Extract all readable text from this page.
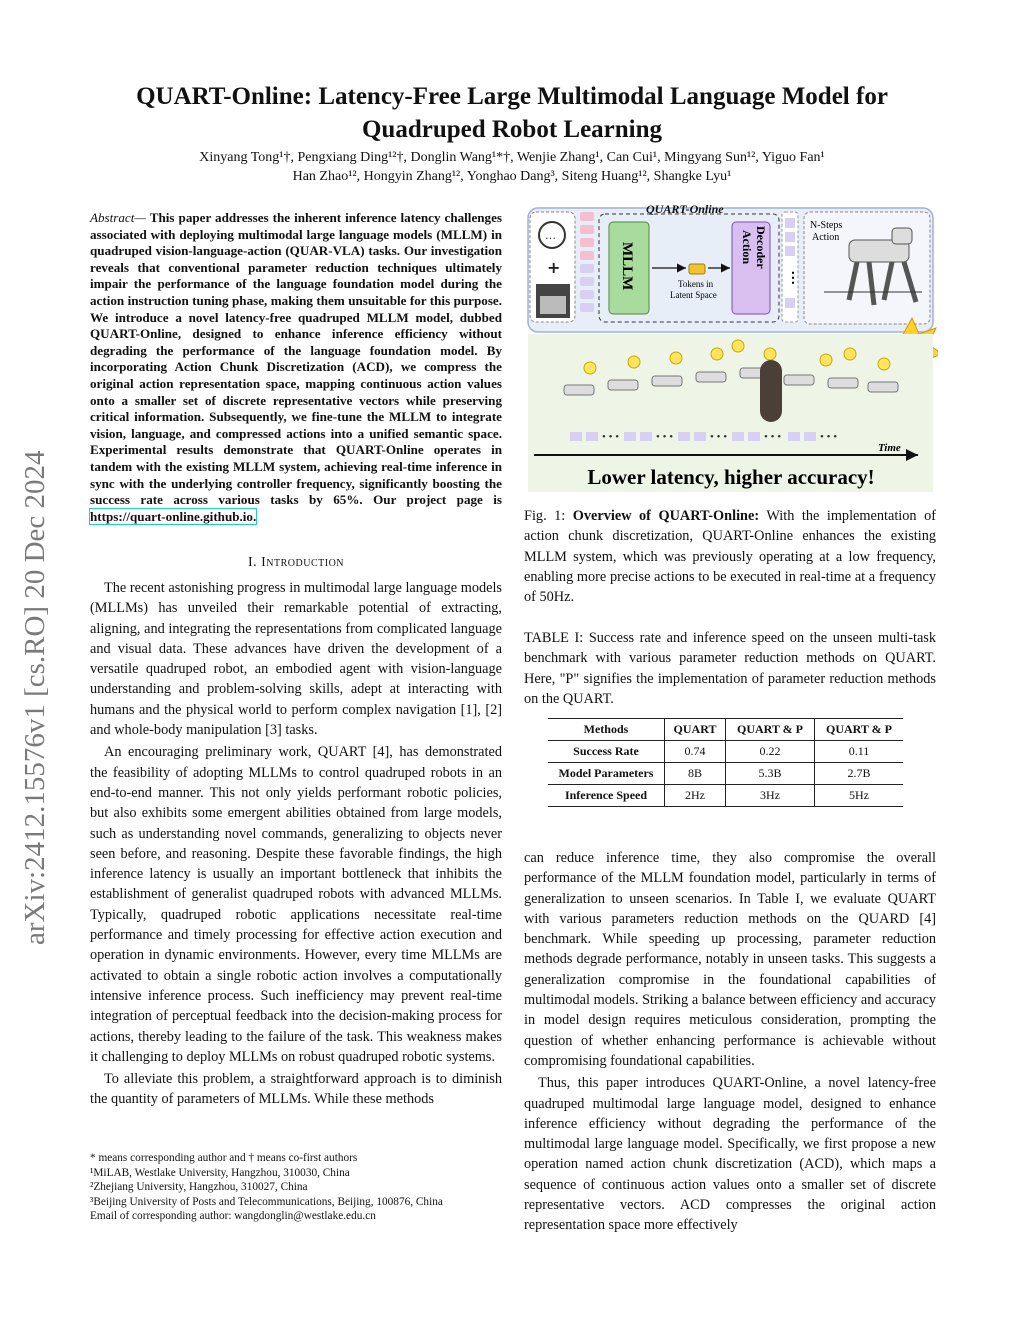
arXiv:2412.15576v1 [cs.RO] 20 Dec 2024
QUART-Online: Latency-Free Large Multimodal Language Model for
Quadruped Robot Learning
Xinyang Tong¹†, Pengxiang Ding¹²†, Donglin Wang¹*†, Wenjie Zhang¹, Can Cui¹, Mingyang Sun¹², Yiguo Fan¹
Han Zhao¹², Hongyin Zhang¹², Yonghao Dang³, Siteng Huang¹², Shangke Lyu¹
Abstract— This paper addresses the inherent inference latency challenges associated with deploying multimodal large language models (MLLM) in quadruped vision-language-action (QUAR-VLA) tasks. Our investigation reveals that conventional parameter reduction techniques ultimately impair the performance of the language foundation model during the action instruction tuning phase, making them unsuitable for this purpose. We introduce a novel latency-free quadruped MLLM model, dubbed QUART-Online, designed to enhance inference efficiency without degrading the performance of the language foundation model. By incorporating Action Chunk Discretization (ACD), we compress the original action representation space, mapping continuous action values onto a smaller set of discrete representative vectors while preserving critical information. Subsequently, we fine-tune the MLLM to integrate vision, language, and compressed actions into a unified semantic space. Experimental results demonstrate that QUART-Online operates in tandem with the existing MLLM system, achieving real-time inference in sync with the underlying controller frequency, significantly boosting the success rate across various tasks by 65%. Our project page is https://quart-online.github.io.
I. Introduction

The recent astonishing progress in multimodal large language models (MLLMs) has unveiled their remarkable potential of extracting, aligning, and integrating the representations from complicated language and visual data. These advances have driven the development of a versatile quadruped robot, an embodied agent with vision-language understanding and problem-solving skills, adept at interacting with humans and the physical world to perform complex navigation [1], [2] and whole-body manipulation [3] tasks.

An encouraging preliminary work, QUART [4], has demonstrated the feasibility of adopting MLLMs to control quadruped robots in an end-to-end manner. This not only yields performant robotic policies, but also exhibits some emergent abilities obtained from large models, such as understanding novel commands, generalizing to objects never seen before, and reasoning. Despite these favorable findings, the high inference latency is usually an important bottleneck that inhibits the establishment of generalist quadruped robots with advanced MLLMs. Typically, quadruped robotic applications necessitate real-time performance and timely processing for effective action execution and operation in dynamic environments. However, every time MLLMs are activated to obtain a single robotic action involves a computationally intensive inference process. Such inefficiency may prevent real-time integration of perceptual feedback into the decision-making process for actions, thereby leading to the failure of the task. This weakness makes it challenging to deploy MLLMs on robust quadruped robotic systems.

To alleviate this problem, a straightforward approach is to diminish the quantity of parameters of MLLMs. While these methods

* means corresponding author and † means co-first authors
¹MiLAB, Westlake University, Hangzhou, 310030, China
²Zhejiang University, Hangzhou, 310027, China
³Beijing University of Posts and Telecommunications, Beijing, 100876, China
Email of corresponding author: wangdonglin@westlake.edu.cn
…
+
QUART-Online
MLLM	Tokens in Latent Space
Action Decoder
⋮
N-Steps
Action
• • •	• • •	• • •	• • •	• • •
Time
Lower latency, higher accuracy!
Fig. 1: Overview of QUART-Online: With the implementation of action chunk discretization, QUART-Online enhances the existing MLLM system, which was previously operating at a low frequency, enabling more precise actions to be executed in real-time at a frequency of 50Hz.
TABLE I: Success rate and inference speed on the unseen multi-task benchmark with various parameter reduction methods on QUART. Here, "P" signifies the implementation of parameter reduction methods on the QUART.
Methods	QUART	QUART & P	QUART & P
Success Rate	0.74	0.22	0.11
Model Parameters	8B	5.3B	2.7B
Inference Speed	2Hz	3Hz	5Hz

can reduce inference time, they also compromise the overall performance of the MLLM foundation model, particularly in terms of generalization to unseen scenarios. In Table I, we evaluate QUART with various parameters reduction methods on the QUARD [4] benchmark. While speeding up processing, parameter reduction methods degrade performance, notably in unseen tasks. This suggests a generalization compromise in the foundational capabilities of multimodal models. Striking a balance between efficiency and accuracy in model design requires meticulous consideration, prompting the question of whether enhancing performance is achievable without compromising foundational capabilities.

Thus, this paper introduces QUART-Online, a novel latency-free quadruped multimodal large language model, designed to enhance inference efficiency without degrading the performance of the multimodal large language model. Specifically, we first propose a new operation named action chunk discretization (ACD), which maps a sequence of continuous action values onto a smaller set of discrete representative vectors. ACD compresses the original action representation space more effectively
